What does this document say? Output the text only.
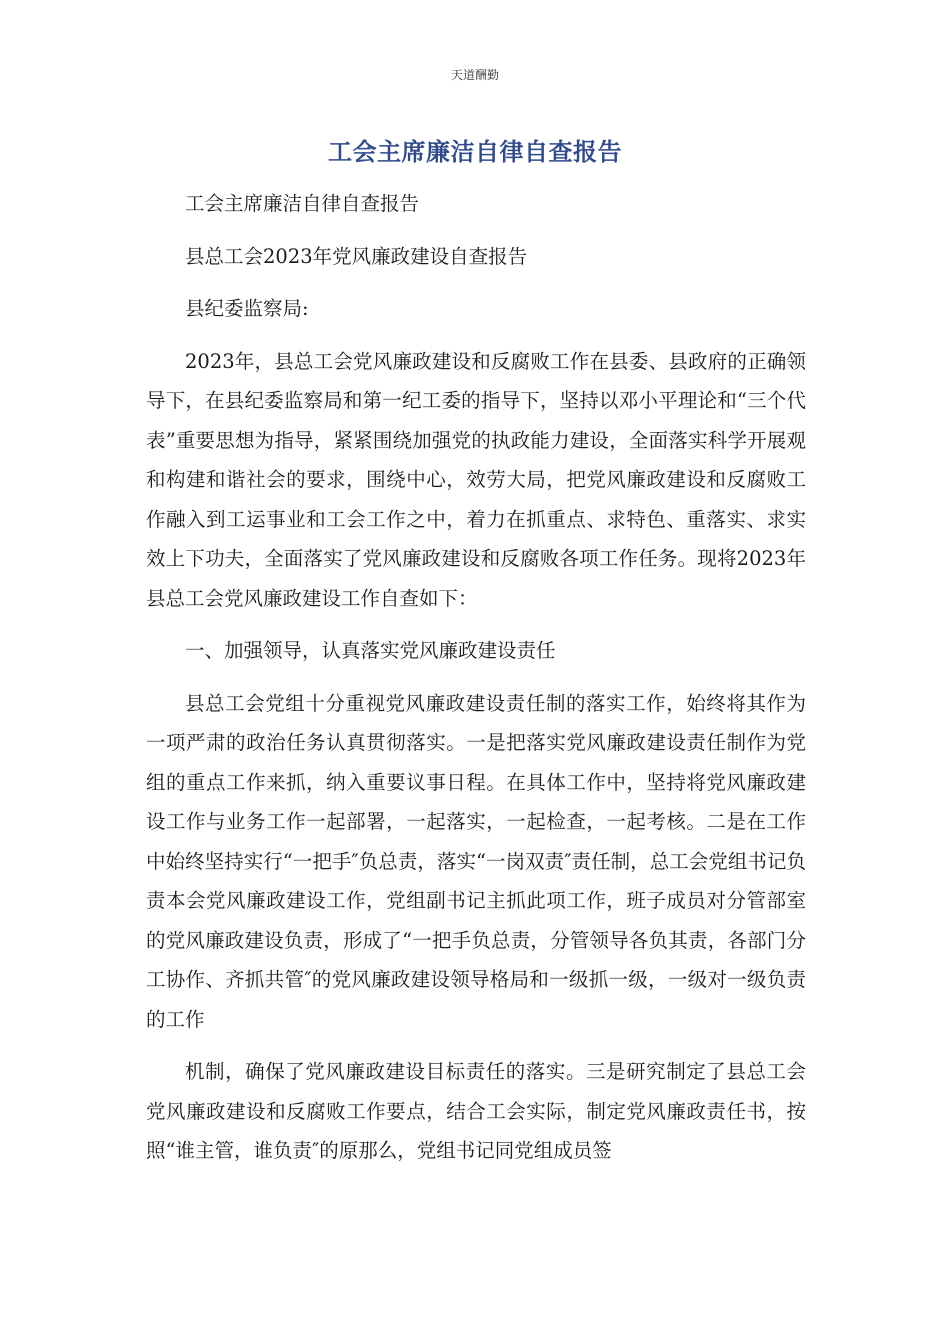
天道酬勤
工会主席廉洁自律自查报告

工会主席廉洁自律自查报告

县总工会2023年党风廉政建设自查报告

县纪委监察局:

2023年，县总工会党风廉政建设和反腐败工作在县委、县政府的正确领导下，在县纪委监察局和第一纪工委的指导下，坚持以邓小平理论和“三个代表”重要思想为指导，紧紧围绕加强党的执政能力建设，全面落实科学开展观和构建和谐社会的要求，围绕中心，效劳大局，把党风廉政建设和反腐败工作融入到工运事业和工会工作之中，着力在抓重点、求特色、重落实、求实效上下功夫，全面落实了党风廉政建设和反腐败各项工作任务。现将2023年县总工会党风廉政建设工作自查如下：

一、加强领导，认真落实党风廉政建设责任

县总工会党组十分重视党风廉政建设责任制的落实工作，始终将其作为一项严肃的政治任务认真贯彻落实。一是把落实党风廉政建设责任制作为党组的重点工作来抓，纳入重要议事日程。在具体工作中，坚持将党风廉政建设工作与业务工作一起部署，一起落实，一起检查，一起考核。二是在工作中始终坚持实行“一把手″负总责，落实“一岗双责″责任制，总工会党组书记负责本会党风廉政建设工作，党组副书记主抓此项工作，班子成员对分管部室的党风廉政建设负责，形成了“一把手负总责，分管领导各负其责，各部门分工协作、齐抓共管″的党风廉政建设领导格局和一级抓一级，一级对一级负责的工作

机制，确保了党风廉政建设目标责任的落实。三是研究制定了县总工会党风廉政建设和反腐败工作要点，结合工会实际，制定党风廉政责任书，按照“谁主管，谁负责″的原那么，党组书记同党组成员签
